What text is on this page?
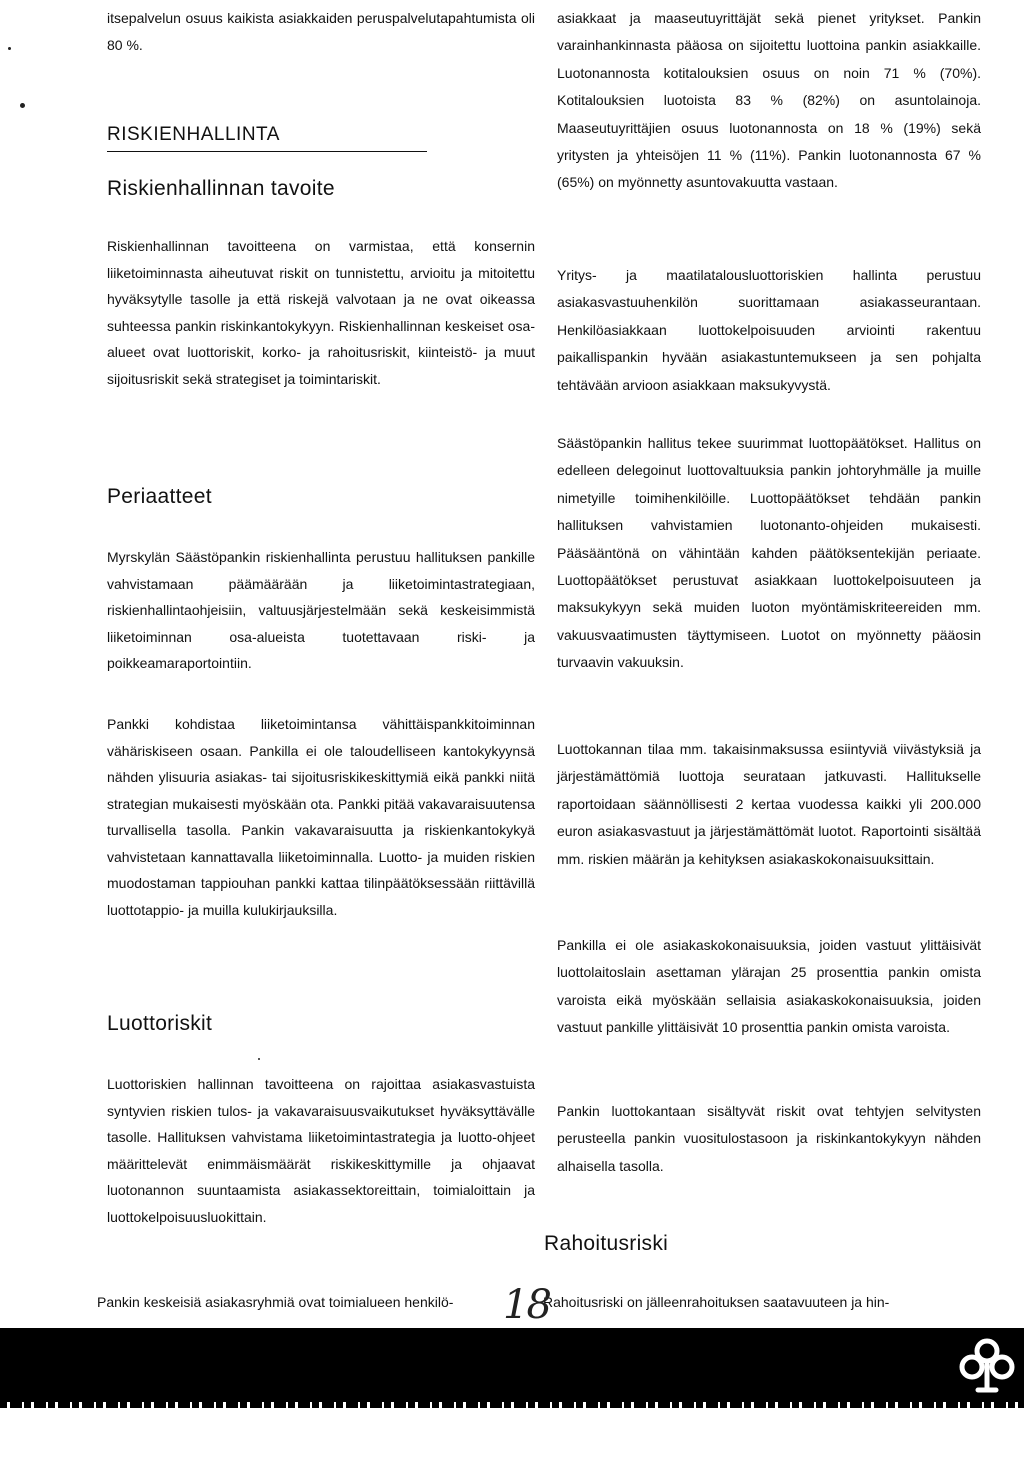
itsepalvelun osuus kaikista asiakkaiden peruspalvelutapahtumista oli 80 %.

RISKIENHALLINTA
Riskienhallinnan tavoite

Riskienhallinnan tavoitteena on varmistaa, että konsernin liiketoiminnasta aiheutuvat riskit on tunnistettu, arvioitu ja mitoitettu hyväksytylle tasolle ja että riskejä valvotaan ja ne ovat oikeassa suhteessa pankin riskinkantokykyyn. Riskienhallinnan keskeiset osa-alueet ovat luottoriskit, korko- ja rahoitusriskit, kiinteistö- ja muut sijoitusriskit sekä strategiset ja toimintariskit.

Periaatteet

Myrskylän Säästöpankin riskienhallinta perustuu hallituksen pankille vahvistamaan päämäärään ja liiketoimintastrategiaan, riskienhallintaohjeisiin, valtuusjärjestelmään sekä keskeisimmistä liiketoiminnan osa-alueista tuotettavaan riski- ja poikkeamaraportointiin.

Pankki kohdistaa liiketoimintansa vähittäispankkitoiminnan vähäriskiseen osaan. Pankilla ei ole taloudelliseen kantokykyynsä nähden ylisuuria asiakas- tai sijoitusriskikeskittymiä eikä pankki niitä strategian mukaisesti myöskään ota. Pankki pitää vakavaraisuutensa turvallisella tasolla. Pankin vakavaraisuutta ja riskienkantokykyä vahvistetaan kannattavalla liiketoiminnalla. Luotto- ja muiden riskien muodostaman tappiouhan pankki kattaa tilinpäätöksessään riittävillä luottotappio- ja muilla kulukirjauksilla.

Luottoriskit

Luottoriskien hallinnan tavoitteena on rajoittaa asiakasvastuista syntyvien riskien tulos- ja vakavaraisuusvaikutukset hyväksyttävälle tasolle. Hallituksen vahvistama liiketoimintastrategia ja luotto-ohjeet määrittelevät enimmäismäärät riskikeskittymille ja ohjaavat luotonannon suuntaamista asiakassektoreittain, toimialoittain ja luottokelpoisuusluokittain.

Pankin keskeisiä asiakasryhmiä ovat toimialueen henkilö-

asiakkaat ja maaseutuyrittäjät sekä pienet yritykset. Pankin varainhankinnasta pääosa on sijoitettu luottoina pankin asiakkaille. Luotonannosta kotitalouksien osuus on noin 71 % (70%). Kotitalouksien luotoista 83 % (82%) on asuntolainoja. Maaseutuyrittäjien osuus luotonannosta on 18 % (19%) sekä yritysten ja yhteisöjen 11 % (11%). Pankin luotonannosta 67 % (65%) on myönnetty asuntovakuutta vastaan.

Yritys- ja maatilatalousluottoriskien hallinta perustuu asiakasvastuuhenkilön suorittamaan asiakasseurantaan. Henkilöasiakkaan luottokelpoisuuden arviointi rakentuu paikallispankin hyvään asiakastuntemukseen ja sen pohjalta tehtävään arvioon asiakkaan maksukyvystä.

Säästöpankin hallitus tekee suurimmat luottopäätökset. Hallitus on edelleen delegoinut luottovaltuuksia pankin johtoryhmälle ja muille nimetyille toimihenkilöille. Luottopäätökset tehdään pankin hallituksen vahvistamien luotonanto-ohjeiden mukaisesti. Pääsääntönä on vähintään kahden päätöksentekijän periaate. Luottopäätökset perustuvat asiakkaan luottokelpoisuuteen ja maksukykyyn sekä muiden luoton myöntämiskriteereiden mm. vakuusvaatimusten täyttymiseen. Luotot on myönnetty pääosin turvaavin vakuuksin.

Luottokannan tilaa mm. takaisinmaksussa esiintyviä viivästyksiä ja järjestämättömiä luottoja seurataan jatkuvasti. Hallitukselle raportoidaan säännöllisesti 2 kertaa vuodessa kaikki yli 200.000 euron asiakasvastuut ja järjestämättömät luotot. Raportointi sisältää mm. riskien määrän ja kehityksen asiakaskokonaisuuksittain.

Pankilla ei ole asiakaskokonaisuuksia, joiden vastuut ylittäisivät luottolaitoslain asettaman ylärajan 25 prosenttia pankin omista varoista eikä myöskään sellaisia asiakaskokonaisuuksia, joiden vastuut pankille ylittäisivät 10 prosenttia pankin omista varoista.

Pankin luottokantaan sisältyvät riskit ovat tehtyjen selvitysten perusteella pankin vuositulostasoon ja riskinkantokykyyn nähden alhaisella tasolla.

Rahoitusriski

Rahoitusriski on jälleenrahoituksen saatavuuteen ja hin-

18
